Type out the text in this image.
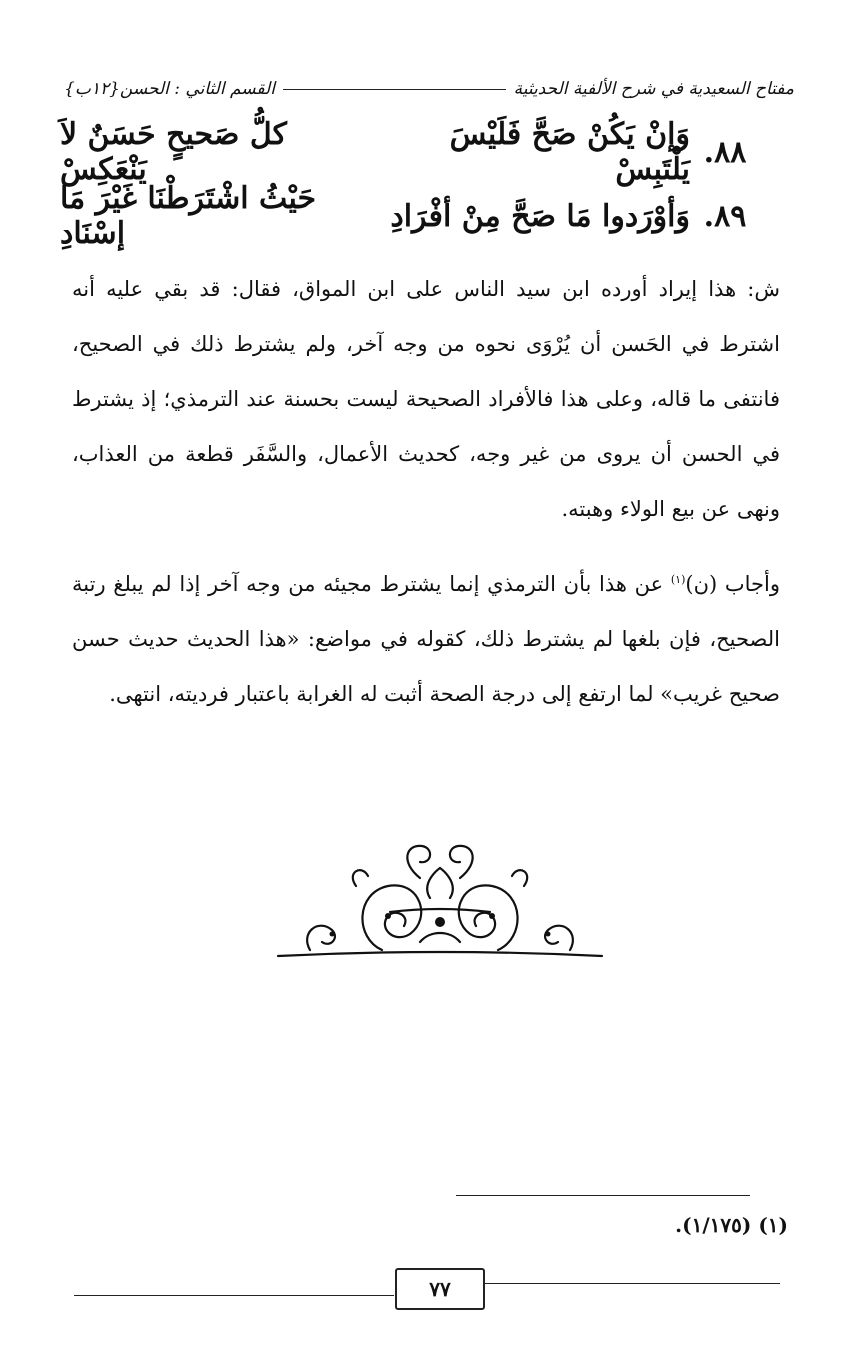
مفتاح السعيدية في شرح الألفية الحديثية
القسم الثاني : الحسن{١٢ب}
٨٨.
وَإنْ يَكُنْ صَحَّ فَلَيْسَ يَلْتَبِسْ
كلُّ صَحيحٍ حَسَنٌ لاَ يَنْعَكِسْ
٨٩.
وَأوْرَدوا مَا صَحَّ مِنْ أفْرَادِ
حَيْثُ اشْتَرَطْنَا غَيْرَ مَا إسْنَادِ

ش: هذا إيراد أورده ابن سيد الناس على ابن المواق، فقال: قد بقي عليه أنه اشترط في الحَسن أن يُرْوَى نحوه من وجه آخر، ولم يشترط ذلك في الصحيح، فانتفى ما قاله، وعلى هذا فالأفراد الصحيحة ليست بحسنة عند الترمذي؛ إذ يشترط في الحسن أن يروى من غير وجه، كحديث الأعمال، والسَّفَر قطعة من العذاب، ونهى عن بيع الولاء وهبته.

وأجاب (ن)$^{(١)}$ عن هذا بأن الترمذي إنما يشترط مجيئه من وجه آخر إذا لم يبلغ رتبة الصحيح، فإن بلغها لم يشترط ذلك، كقوله في مواضع: «هذا الحديث حديث حسن صحيح غريب» لما ارتفع إلى درجة الصحة أثبت له الغرابة باعتبار فرديته، انتهى.

(١) (١/١٧٥).
٧٧
